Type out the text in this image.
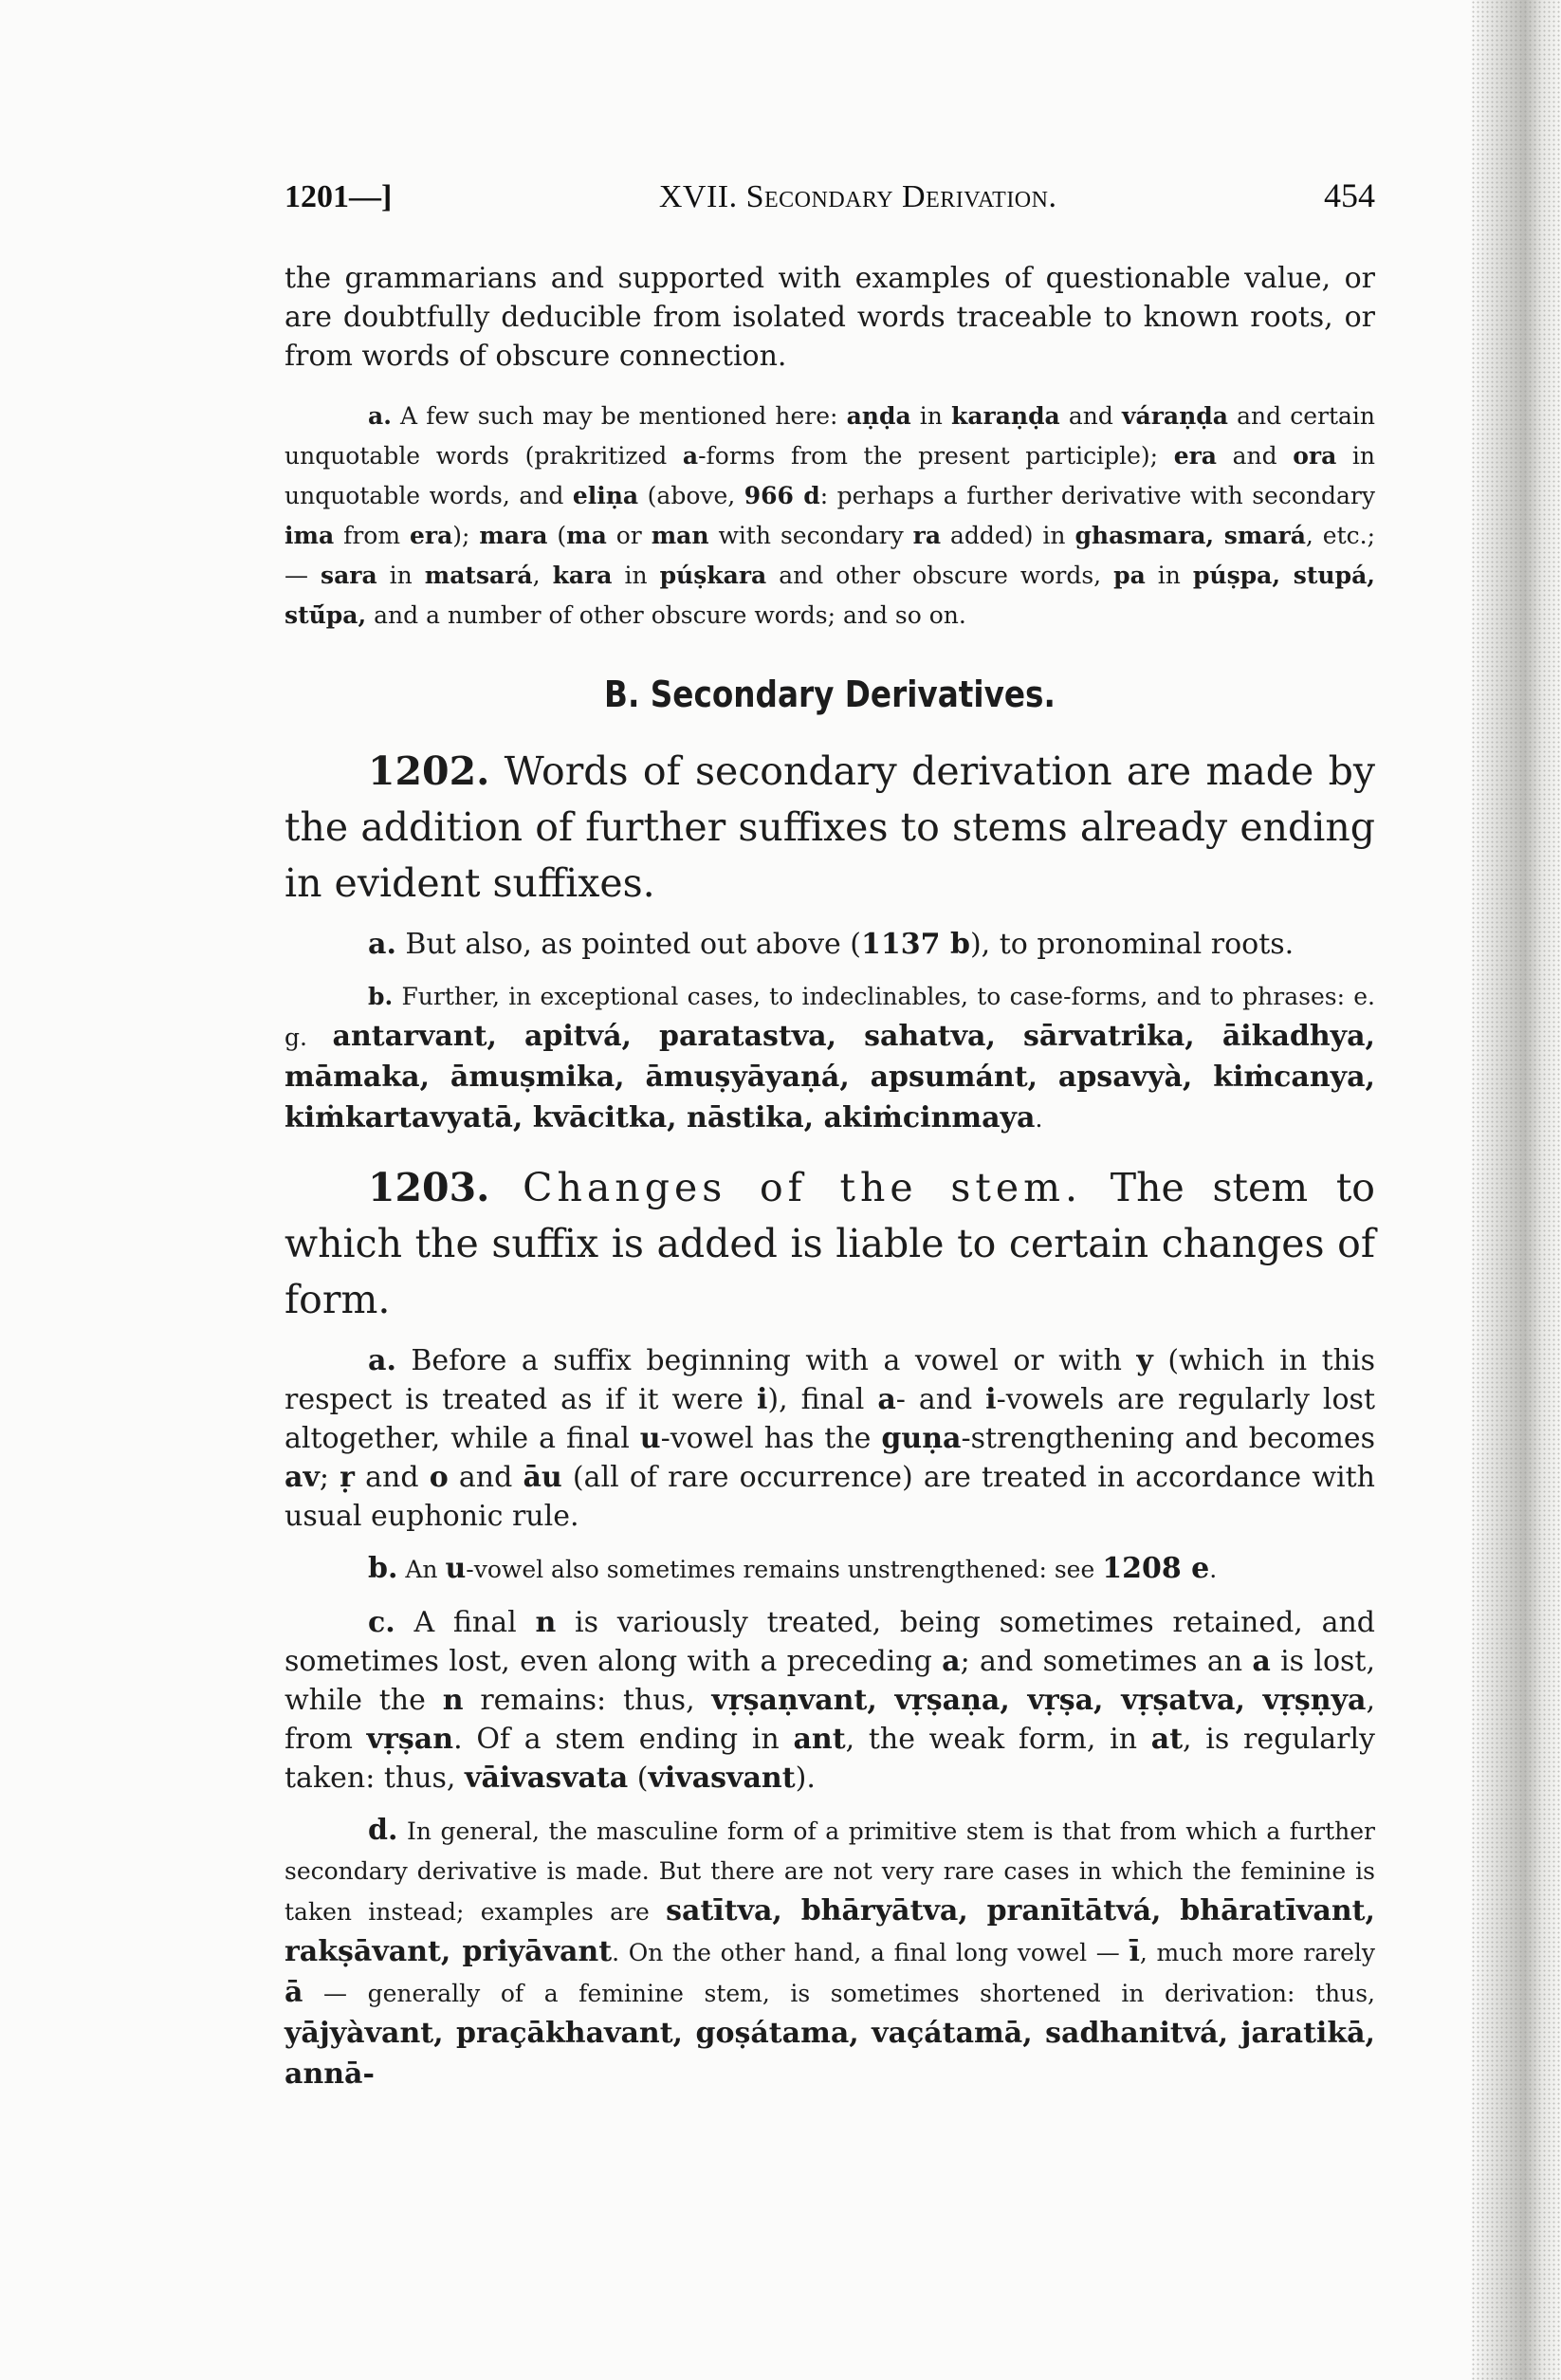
1201—]	XVII. Secondary Derivation.	454

the grammarians and supported with examples of questionable value, or are doubtfully deducible from isolated words traceable to known roots, or from words of obscure connection.

a. A few such may be mentioned here: aṇḍa in karaṇḍa and váraṇḍa and certain unquotable words (prakritized a-forms from the present participle); era and ora in unquotable words, and eliṇa (above, 966 d: perhaps a further derivative with secondary ima from era); mara (ma or man with secondary ra added) in ghasmara, smará, etc.; — sara in matsará, kara in púṣkara and other obscure words, pa in púṣpa, stupá, stū́pa, and a number of other obscure words; and so on.

B. Secondary Derivatives.

1202. Words of secondary derivation are made by the addition of further suffixes to stems already ending in evident suffixes.

a. But also, as pointed out above (1137 b), to pronominal roots.

b. Further, in exceptional cases, to indeclinables, to case-forms, and to phrases: e. g. antarvant, apitvá, paratastva, sahatva, sārvatrika, āikadhya, māmaka, āmuṣmika, āmuṣyāyaṇá, apsumánt, apsavyà, kiṁcanya, kiṁkartavyatā, kvācitka, nāstika, akiṁcinmaya.

1203. Changes of the stem. The stem to which the suffix is added is liable to certain changes of form.

a. Before a suffix beginning with a vowel or with y (which in this respect is treated as if it were i), final a- and i-vowels are regularly lost altogether, while a final u-vowel has the guṇa-strengthening and becomes av; ṛ and o and āu (all of rare occurrence) are treated in accordance with usual euphonic rule.

b. An u-vowel also sometimes remains unstrengthened: see 1208 e.

c. A final n is variously treated, being sometimes retained, and sometimes lost, even along with a preceding a; and sometimes an a is lost, while the n remains: thus, vṛṣaṇvant, vṛṣaṇa, vṛṣa, vṛṣatva, vṛṣṇya, from vṛṣan. Of a stem ending in ant, the weak form, in at, is regularly taken: thus, vāivasvata (vivasvant).

d. In general, the masculine form of a primitive stem is that from which a further secondary derivative is made. But there are not very rare cases in which the feminine is taken instead; examples are satītva, bhāryātva, pranītātvá, bhāratīvant, rakṣāvant, priyāvant. On the other hand, a final long vowel — ī, much more rarely ā — generally of a feminine stem, is sometimes shortened in derivation: thus, yājyàvant, praçākhavant, goṣátama, vaçátamā, sadhanitvá, jaratikā, annā-
